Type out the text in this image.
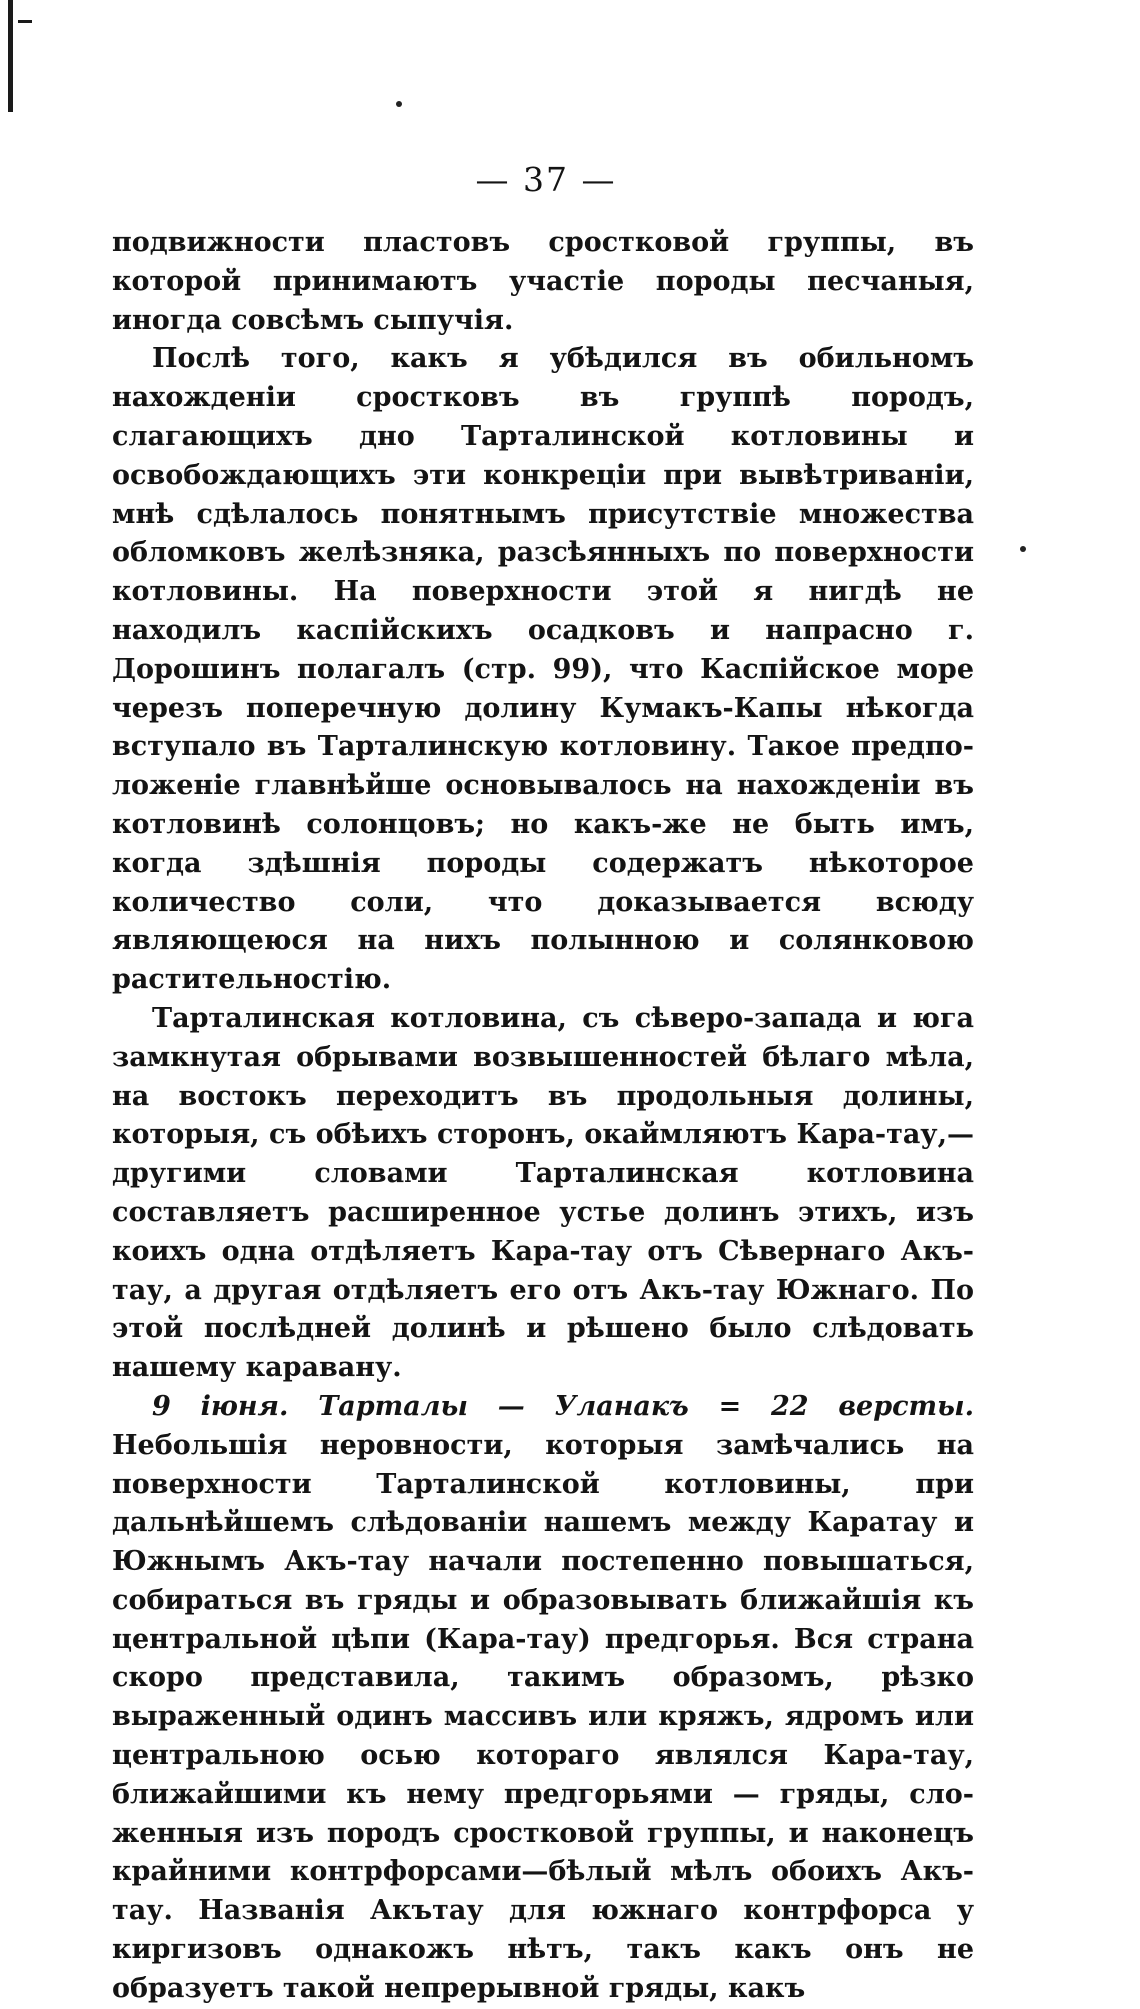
— 37 —

подвижности пластовъ сростковой группы, въ которой принимаютъ участіе породы песчаныя, иногда совсѣмъ сыпучія.

Послѣ того, какъ я убѣдился въ обильномъ нахожденіи сростковъ въ группѣ породъ, слагающихъ дно Тарталинской котловины и освобождающихъ эти конкреціи при вывѣтриваніи, мнѣ сдѣлалось понятнымъ присутствіе множества обломковъ желѣзняка, разсѣянныхъ по поверхности котловины. На поверхности этой я нигдѣ не находилъ каспійскихъ осадковъ и напрасно г. Дорошинъ полагалъ (стр. 99), что Каспійское море черезъ поперечную долину Кумакъ-Капы нѣкогда вступало въ Тарталинскую котловину. Такое предположеніе главнѣйше основывалось на нахожденіи въ котловинѣ солонцовъ; но какъ-же не быть имъ, когда здѣшнія породы содержатъ нѣкоторое количество соли, что доказывается всюду являющеюся на нихъ полынною и солянковою растительностію.

Тарталинская котловина, съ сѣверо-запада и юга замкнутая обрывами возвышенностей бѣлаго мѣла, на востокъ переходитъ въ продольныя долины, которыя, съ обѣихъ сторонъ, окаймляютъ Кара-тау,—другими словами Тарталинская котловина составляетъ расширенное устье долинъ этихъ, изъ коихъ одна отдѣляетъ Кара-тау отъ Сѣвернаго Акъ-тау, а другая отдѣляетъ его отъ Акъ-тау Южнаго. По этой послѣдней долинѣ и рѣшено было слѣдовать нашему каравану.

9 іюня. Тарталы — Уланакъ = 22 версты. Небольшія неровности, которыя замѣчались на поверхности Тарталинской котловины, при дальнѣйшемъ слѣдованіи нашемъ между Каратау и Южнымъ Акъ-тау начали постепенно повышаться, собираться въ гряды и образовывать ближайшія къ центральной цѣпи (Кара-тау) предгорья. Вся страна скоро представила, такимъ образомъ, рѣзко выраженный одинъ массивъ или кряжъ, ядромъ или центральною осью котораго являлся Кара-тау, ближайшими къ нему предгорьями — гряды, сложенныя изъ породъ сростковой группы, и наконецъ крайними контрфорсами—бѣлый мѣлъ обоихъ Акъ-тау. Названія Акътау для южнаго контрфорса у киргизовъ однакожъ нѣтъ, такъ какъ онъ не образуетъ такой непрерывной гряды, какъ
